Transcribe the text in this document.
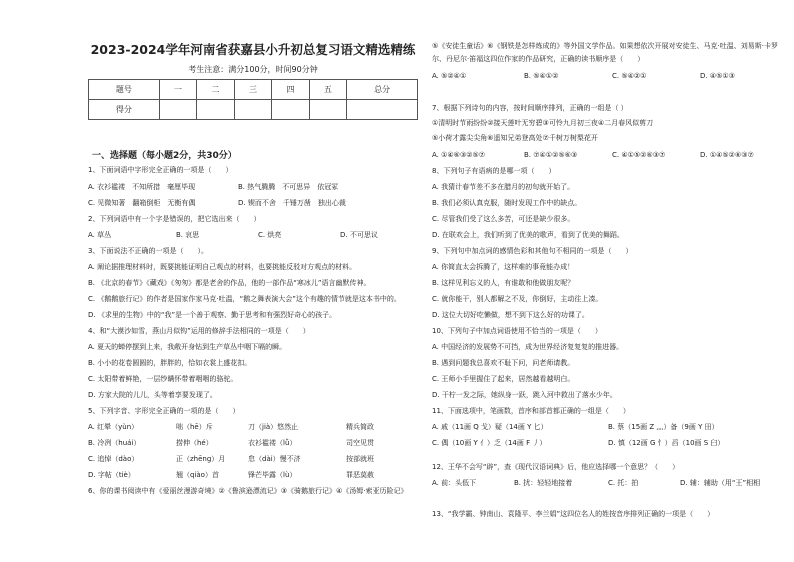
2023-2024学年河南省获嘉县小升初总复习语文精选精练
考生注意：满分100分，时间90分钟
题号	一	二	三	四	五	总分
得分						
一、选择题（每小题2分，共30分）
1、下面词语中字形完全正确的一项是（　　）
A. 衣衫褴褛　不知所措　毫厘毕现	B. 热气腾腾　不可思异　依冠冢
C. 见微知著　翻箱倒柜　无衡有偶	D. 锲而不舍　千锤万凿　独出心裁
2、下列词语中有一个字是错误的，把它选出来（　　）
A. 草丛	B. 哀思	C. 烘亮	D. 不可思议
3、下面说法不正确的一项是（　　）。
A. 阐论据推理材料时，既要挑能证明自己观点的材料，也要挑能反驳对方观点的材料。
B. 《北京的春节》《藏戏》《匆匆》都是老舍的作品，他的一部作品“寒冰儿”语言幽默传神。
C. 《鹅鹅旅行记》的作者是国家作家马克·吐温，“鹅之舞表演大会”这个有趣的情节就是这本书中的。
D. 《求里的生物》中的“我”是一个善于观察、勤于思考和有强烈好奇心的孩子。
4、和“大漠沙如雪，燕山月似钩”运用的修辞手法相同的一项是（　　）
A. 夏天的蝉停摆到上来，我敞开身钻到生产草丛中咽下嗝的瞬。
B. 小小的花卷圆圆的，胖胖的，恰如衣裳上盛花扣。
C. 太阳带着鲜艳，一层纱瞒怀带着咽咽的骆驼。
D. 方家大院的儿儿，头等着享要发现了。
5、下列字音、字形完全正确的一项的是（　　）
A. 红晕（yùn）	咄（hē）斥	刀（jià）悠然止	精兵简政
B. 冷冽（huái）	捞伸（hé）	衣衫褴褛（lǚ）	司空见贯
C. 追悼（dào）	正（zhēng）月	怠（dài）慢不济	按部就班
D. 字帖（tiè）	翘（qiào）首	锋芒毕露（lù）	罪恶莫赦
6、你的课书阅读中有《爱丽丝漫游奇境》②《鲁滨逊漂流记》③《骑鹅旅行记》④《汤姆·索亚历险记》
⑤《安徒生童话》⑥《钢铁是怎样炼成的》等外国文学作品。如果想依次开展对安徒生、马克·吐温、刘易斯·卡罗尔、丹尼尔·笛福这四位作家的作品研究，正确的读书顺序是（　　）
A. ⑤②④①	B. ⑤④①②	C. ⑤④②①	D. ④⑤①③
7、根据下列诗句的内容，按时间顺序排列，正确的一组是（ ）
①清明时节雨纷纷②接天莲叶无穷碧③可怜九月初三夜④二月春风似剪刀
⑤小荷才露尖尖角⑥遥知兄弟登高处⑦千树万树梨花开
A. ①④⑥③②⑤⑦	B. ⑦④①②⑤⑥③	C. ④①⑤②⑥③⑦	D. ①④⑤②⑥③⑦
8、下列句子有语病的是哪一项（　　）
A. 我猜计春节差不多在腊月的初旬就开始了。
B. 我们必须认真克服，随时发现工作中的缺点。
C. 尽管我们受了这么多苦，可还是缺少很多。
D. 在联欢会上，我们听到了优美的歌声，看到了优美的舞蹈。
9、下列句中加点词的感情色彩和其他句不相同的一项是（　　）
A. 你简直太会拆腾了，这样难的事竟能办成！
B. 这样见利忘义的人，有谁敢和他做朋友呢？
C. 就你能干，别人都解之不及，你倒好，主动往上凑。
D. 这位大切好吃懒做，想不到下这么好的功课了。
10、下列句子中加点词语使用不恰当的一项是（　　）
A. 中国经济的发展势不可挡，成为世界经济复复复的推进器。
B. 遇到问题我总喜欢不耻下问，问老师请教。
C. 王师小手里握住了起来，居然越看越明白。
D. 干柠一发之际，她纵身一跃，跳入河中救出了落水少年。
11、下面选项中，笔画数，首序和部首都正确的一组是（　　）
A. 戚（11画 Q 戈）疑（14画 Y 匕）	B. 蔡（15画 Z 灬）备（9画 Y 田）
C. 偶（10画 Y 亻）乏（14画 F 丿）	D. 慎（12画 G 忄）舀（10画 S 臼）
12、王华不会写“辟”，查《现代汉语词典》后，他应选择哪一个意思？（　　）
A. 前：头低下	B. 扰：轻轻地接着	C. 托：拍	D. 辅：辅助（用“王”相相
13、“我学霸、钟南山、袁隆平、李兰娟”这四位名人的姓按音序排列正确的一项是（　　）
